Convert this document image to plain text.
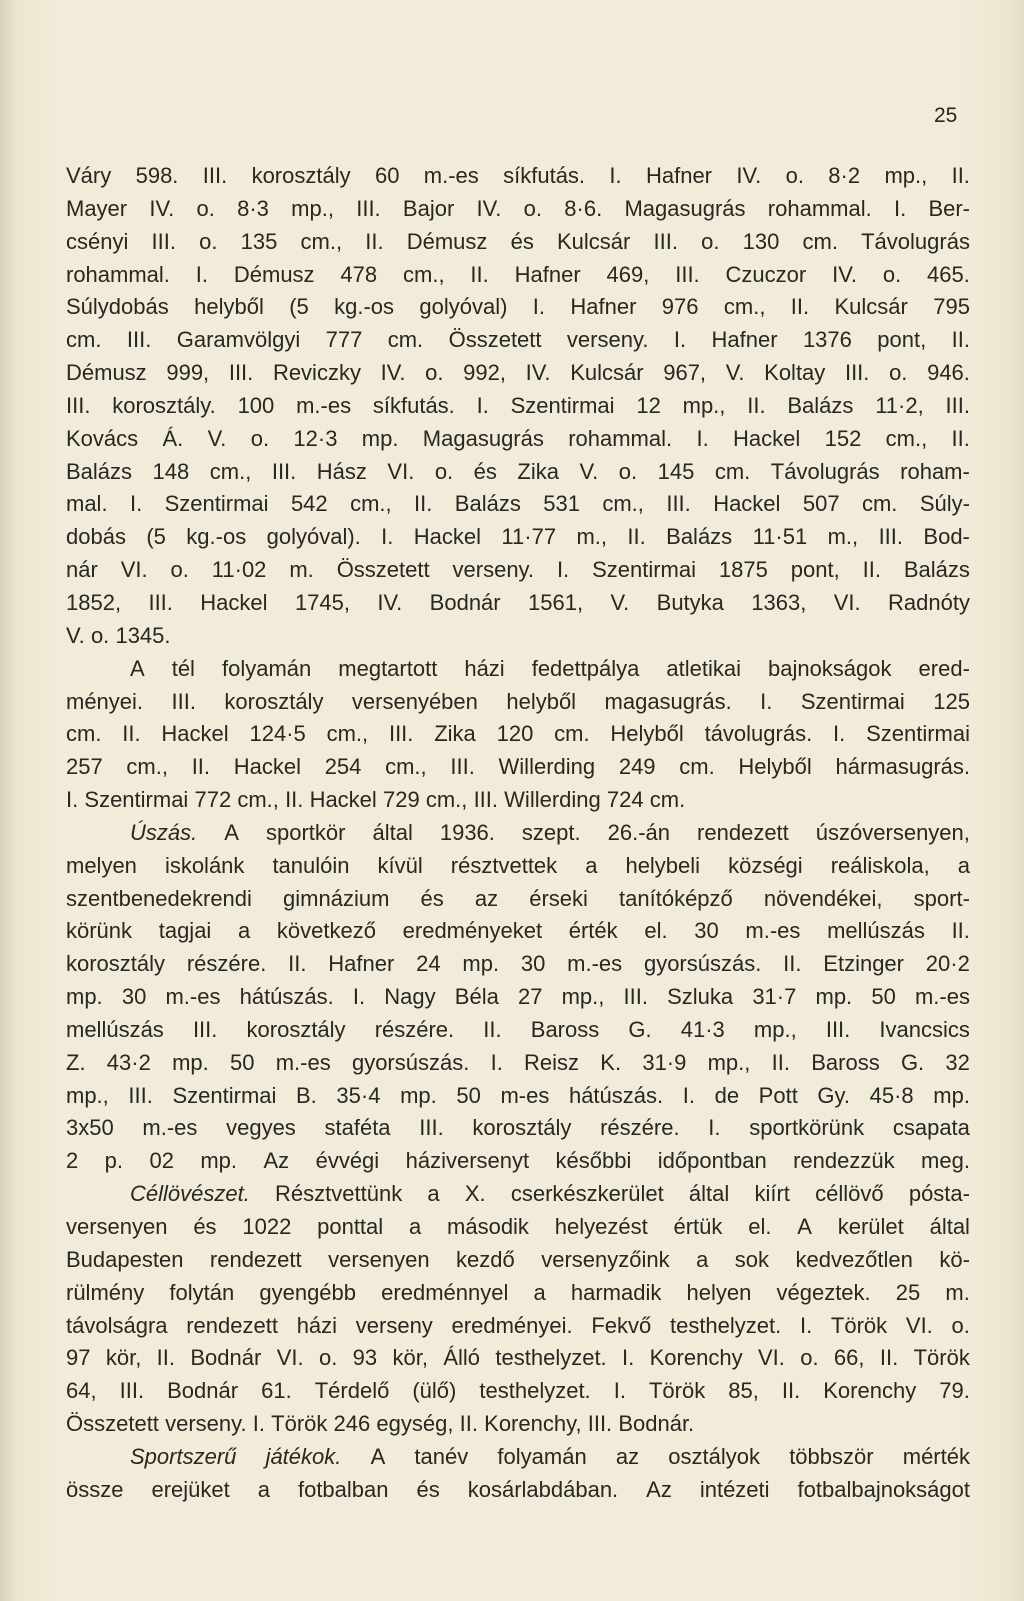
25
Váry 598. III. korosztály 60 m.-es síkfutás. I. Hafner IV. o. 8·2 mp., II.
Mayer IV. o. 8·3 mp., III. Bajor IV. o. 8·6. Magasugrás rohammal. I. Ber-
csényi III. o. 135 cm., II. Démusz és Kulcsár III. o. 130 cm. Távolugrás
rohammal. I. Démusz 478 cm., II. Hafner 469, III. Czuczor IV. o. 465.
Súlydobás helyből (5 kg.-os golyóval) I. Hafner 976 cm., II. Kulcsár 795
cm. III. Garamvölgyi 777 cm. Összetett verseny. I. Hafner 1376 pont, II.
Démusz 999, III. Reviczky IV. o. 992, IV. Kulcsár 967, V. Koltay III. o. 946.
III. korosztály. 100 m.-es síkfutás. I. Szentirmai 12 mp., II. Balázs 11·2, III.
Kovács Á. V. o. 12·3 mp. Magasugrás rohammal. I. Hackel 152 cm., II.
Balázs 148 cm., III. Hász VI. o. és Zika V. o. 145 cm. Távolugrás roham-
mal. I. Szentirmai 542 cm., II. Balázs 531 cm., III. Hackel 507 cm. Súly-
dobás (5 kg.-os golyóval). I. Hackel 11·77 m., II. Balázs 11·51 m., III. Bod-
nár VI. o. 11·02 m. Összetett verseny. I. Szentirmai 1875 pont, II. Balázs
1852, III. Hackel 1745, IV. Bodnár 1561, V. Butyka 1363, VI. Radnóty
V. o. 1345.
A tél folyamán megtartott házi fedettpálya atletikai bajnokságok ered-
ményei. III. korosztály versenyében helyből magasugrás. I. Szentirmai 125
cm. II. Hackel 124·5 cm., III. Zika 120 cm. Helyből távolugrás. I. Szentirmai
257 cm., II. Hackel 254 cm., III. Willerding 249 cm. Helyből hármasugrás.
I. Szentirmai 772 cm., II. Hackel 729 cm., III. Willerding 724 cm.
Úszás. A sportkör által 1936. szept. 26.-án rendezett úszóversenyen,
melyen iskolánk tanulóin kívül résztvettek a helybeli községi reáliskola, a
szentbenedekrendi gimnázium és az érseki tanítóképző növendékei, sport-
körünk tagjai a következő eredményeket érték el. 30 m.-es mellúszás II.
korosztály részére. II. Hafner 24 mp. 30 m.-es gyorsúszás. II. Etzinger 20·2
mp. 30 m.-es hátúszás. I. Nagy Béla 27 mp., III. Szluka 31·7 mp. 50 m.-es
mellúszás III. korosztály részére. II. Baross G. 41·3 mp., III. Ivancsics
Z. 43·2 mp. 50 m.-es gyorsúszás. I. Reisz K. 31·9 mp., II. Baross G. 32
mp., III. Szentirmai B. 35·4 mp. 50 m-es hátúszás. I. de Pott Gy. 45·8 mp.
3x50 m.-es vegyes staféta III. korosztály részére. I. sportkörünk csapata
2 p. 02 mp. Az évvégi háziversenyt későbbi időpontban rendezzük meg.
Céllövészet. Résztvettünk a X. cserkészkerület által kiírt céllövő pósta-
versenyen és 1022 ponttal a második helyezést értük el. A kerület által
Budapesten rendezett versenyen kezdő versenyzőink a sok kedvezőtlen kö-
rülmény folytán gyengébb eredménnyel a harmadik helyen végeztek. 25 m.
távolságra rendezett házi verseny eredményei. Fekvő testhelyzet. I. Török VI. o.
97 kör, II. Bodnár VI. o. 93 kör, Álló testhelyzet. I. Korenchy VI. o. 66, II. Török
64, III. Bodnár 61. Térdelő (ülő) testhelyzet. I. Török 85, II. Korenchy 79.
Összetett verseny. I. Török 246 egység, II. Korenchy, III. Bodnár.
Sportszerű játékok. A tanév folyamán az osztályok többször mérték
össze erejüket a fotbalban és kosárlabdában. Az intézeti fotbalbajnokságot
